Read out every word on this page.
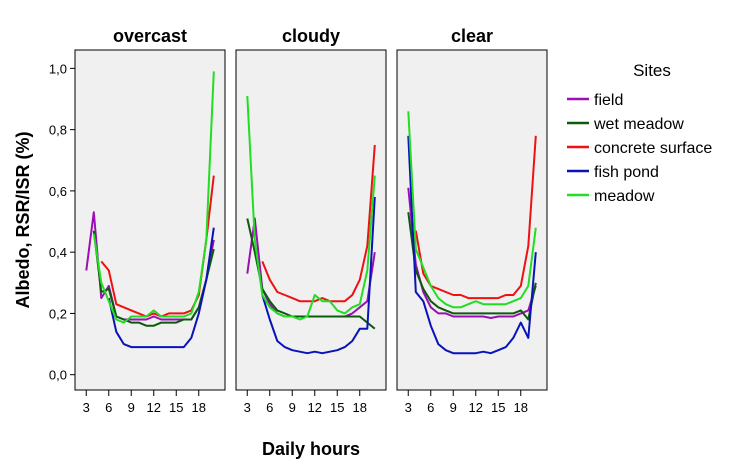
0,0
0,2
0,4
0,6
0,8
1,0
Albedo, RSR/ISR (%)
overcast
3 6 9 12 15 18
cloudy
3 6 9 12 15 18
clear
3 6 9 12 15 18
Daily hours
Sites
field
wet meadow
concrete surface
fish pond
meadow
